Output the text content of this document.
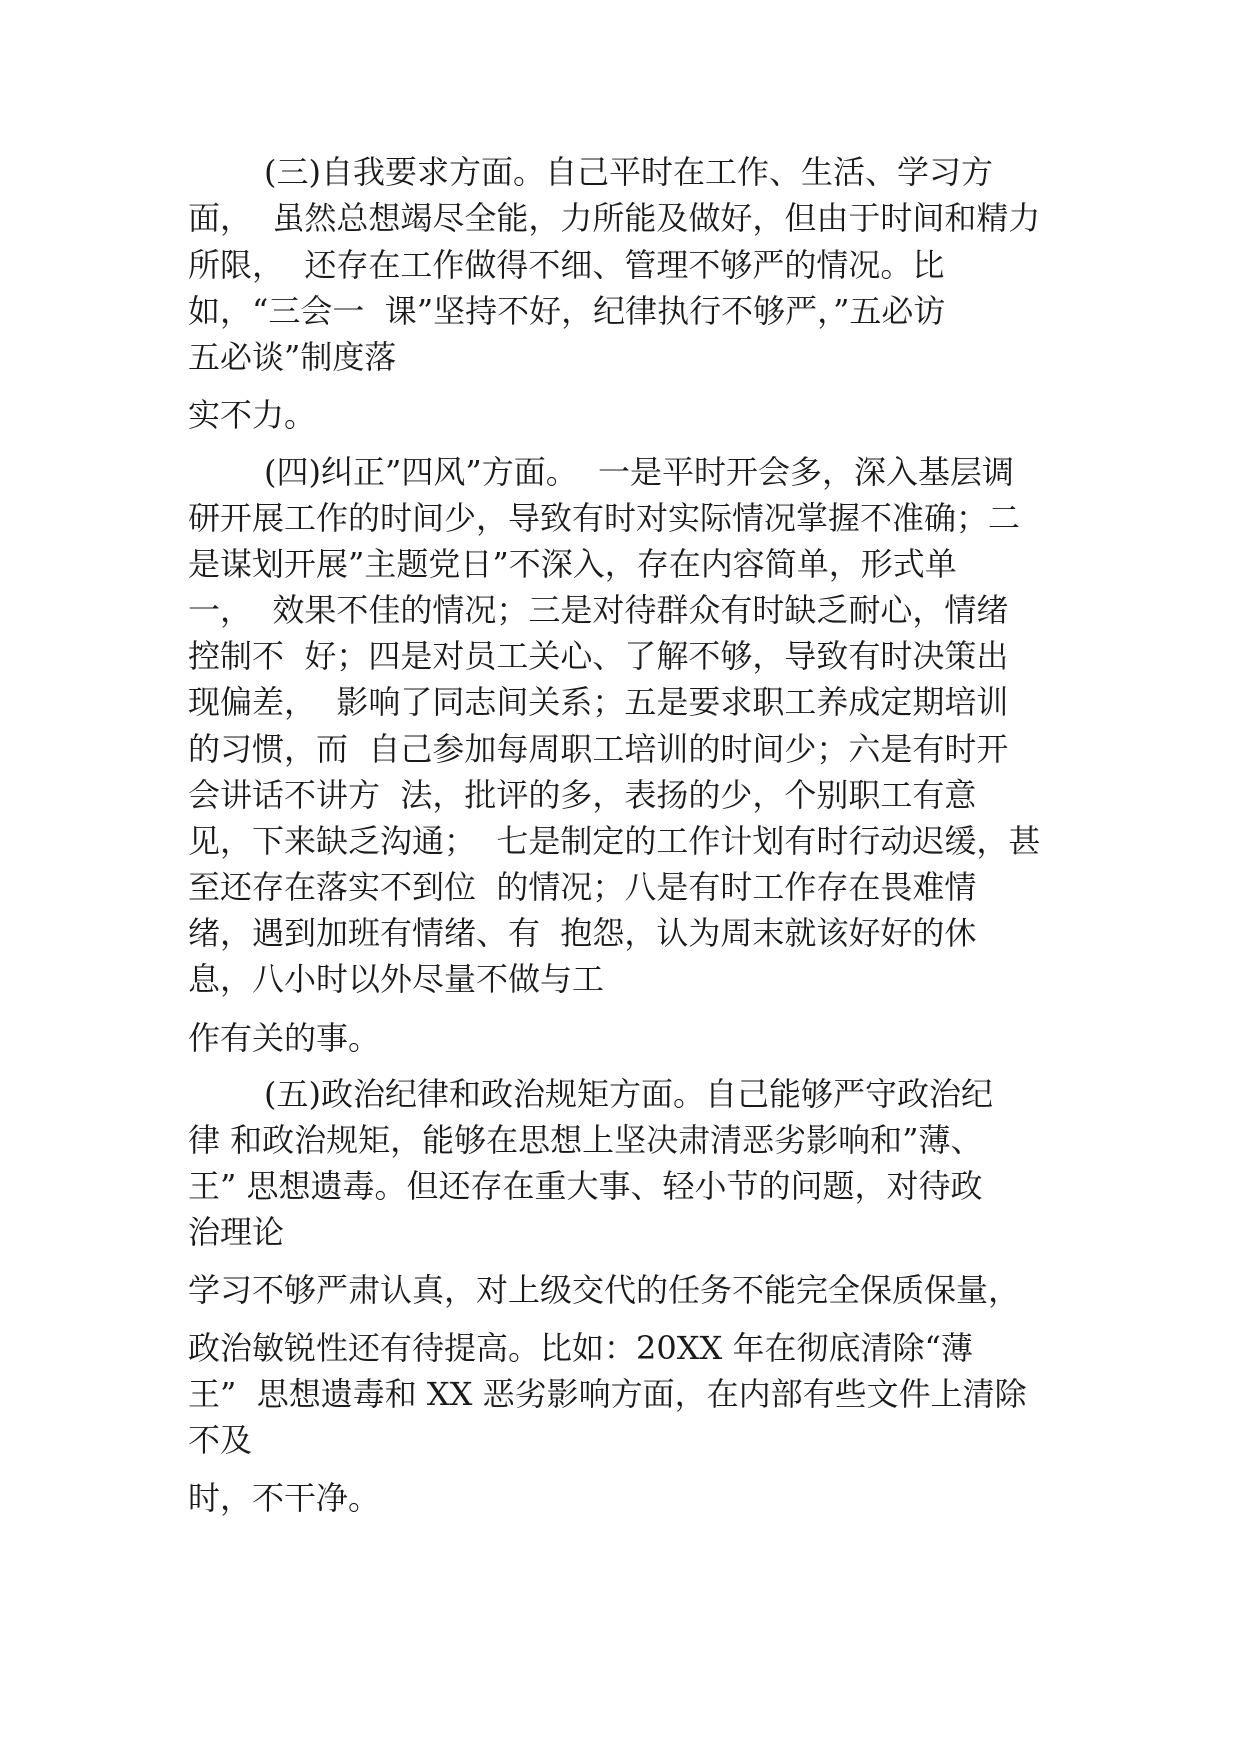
(三)自我要求方面。自己平时在工作、生活、学习方
面，  虽然总想竭尽全能，力所能及做好，但由于时间和精力
所限，  还存在工作做得不细、管理不够严的情况。比
如，“三会一  课”坚持不好，纪律执行不够严，”五必访
五必谈”制度落
实不力。
(四)纠正”四风”方面。  一是平时开会多，深入基层调
研开展工作的时间少，导致有时对实际情况掌握不准确；二
是谋划开展”主题党日”不深入，存在内容简单，形式单
一，  效果不佳的情况；三是对待群众有时缺乏耐心，情绪
控制不  好；四是对员工关心、了解不够，导致有时决策出
现偏差，  影响了同志间关系；五是要求职工养成定期培训
的习惯，而  自己参加每周职工培训的时间少；六是有时开
会讲话不讲方  法，批评的多，表扬的少，个别职工有意
见，下来缺乏沟通；  七是制定的工作计划有时行动迟缓，甚
至还存在落实不到位  的情况；八是有时工作存在畏难情
绪，遇到加班有情绪、有  抱怨，认为周末就该好好的休
息，八小时以外尽量不做与工
作有关的事。
(五)政治纪律和政治规矩方面。自己能够严守政治纪
律 和政治规矩，能够在思想上坚决肃清恶劣影响和”薄、
王” 思想遗毒。但还存在重大事、轻小节的问题，对待政
治理论
学习不够严肃认真，对上级交代的任务不能完全保质保量，
政治敏锐性还有待提高。比如：20XX 年在彻底清除“薄
王”  思想遗毒和 XX 恶劣影响方面，在内部有些文件上清除
不及
时，不干净。
